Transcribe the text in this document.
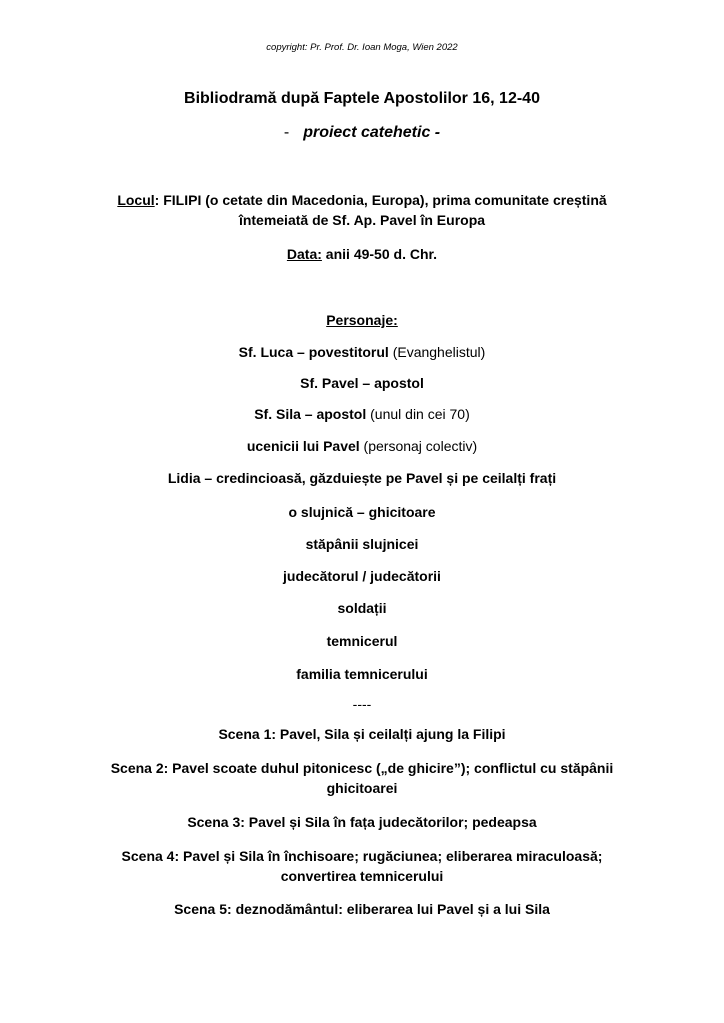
copyright: Pr. Prof. Dr. Ioan Moga, Wien 2022
Bibliodramă după Faptele Apostolilor 16, 12-40
- proiect catehetic -
Locul: FILIPI (o cetate din Macedonia, Europa), prima comunitate creștină întemeiată de Sf. Ap. Pavel în Europa
Data: anii 49-50 d. Chr.
Personaje:
Sf. Luca – povestitorul (Evanghelistul)
Sf. Pavel – apostol
Sf. Sila – apostol (unul din cei 70)
ucenicii lui Pavel (personaj colectiv)
Lidia – credincioasă, găzduiește pe Pavel și pe ceilalți frați
o slujnică – ghicitoare
stăpânii slujnicei
judecătorul / judecătorii
soldații
temnicerul
familia temnicerului
----
Scena 1: Pavel, Sila și ceilalți ajung la Filipi
Scena 2: Pavel scoate duhul pitonicesc („de ghicire”); conflictul cu stăpânii ghicitoarei
Scena 3: Pavel și Sila în fața judecătorilor; pedeapsa
Scena 4: Pavel și Sila în închisoare; rugăciunea; eliberarea miraculoasă; convertirea temnicerului
Scena 5: deznodământul: eliberarea lui Pavel și a lui Sila
